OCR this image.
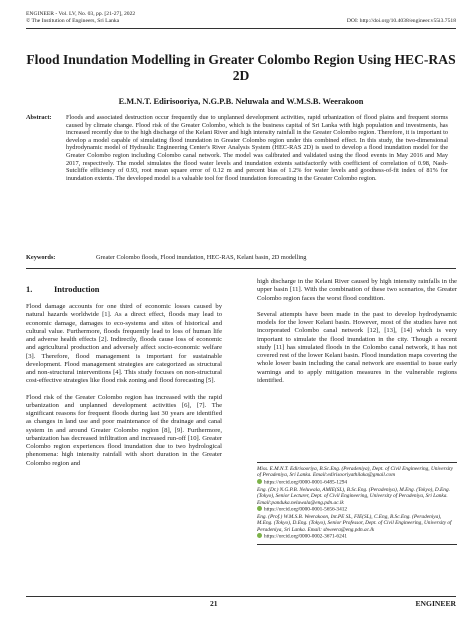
ENGINEER - Vol. LV, No. 03, pp. [21-27], 2022
© The Institution of Engineers, Sri Lanka	DOI: http://doi.org/10.4038/engineer.v55i3.7518
Flood Inundation Modelling in Greater Colombo Region Using HEC-RAS 2D
E.M.N.T. Edirisooriya, N.G.P.B. Neluwala and W.M.S.B. Weerakoon
Abstract: Floods and associated destruction occur frequently due to unplanned development activities, rapid urbanization of flood plains and frequent storms caused by climate change. Flood risk of the Greater Colombo, which is the business capital of Sri Lanka with high population and investments, has increased recently due to the high discharge of the Kelani River and high intensity rainfall in the Greater Colombo region. Therefore, it is important to develop a model capable of simulating flood inundation in Greater Colombo region under this combined effect. In this study, the two-dimensional hydrodynamic model of Hydraulic Engineering Center's River Analysis System (HEC-RAS 2D) is used to develop a flood inundation model for the Greater Colombo region including Colombo canal network. The model was calibrated and validated using the flood events in May 2016 and May 2017, respectively. The model simulates the flood water levels and inundation extents satisfactorily with coefficient of correlation of 0.98, Nash-Sutcliffe efficiency of 0.93, root mean square error of 0.12 m and percent bias of 1.2% for water levels and goodness-of-fit index of 81% for inundation extents. The developed model is a valuable tool for flood inundation forecasting in the Greater Colombo region.
Keywords:	Greater Colombo floods, Flood inundation, HEC-RAS, Kelani basin, 2D modelling
1.	Introduction

Flood damage accounts for one third of economic losses caused by natural hazards worldwide [1]. As a direct effect, floods may lead to economic damage, damages to eco-systems and sites of historical and cultural value. Furthermore, floods frequently lead to loss of human life and adverse health effects [2]. Indirectly, floods cause loss of economic and agricultural production and adversely affect socio-economic welfare [3]. Therefore, flood management is important for sustainable development. Flood management strategies are categorized as structural and non-structural interventions [4]. This study focuses on non-structural cost-effective strategies like flood risk zoning and flood forecasting [5].

Flood risk of the Greater Colombo region has increased with the rapid urbanization and unplanned development activities [6], [7]. The significant reasons for frequent floods during last 30 years are identified as changes in land use and poor maintenance of the drainage and canal system in and around Greater Colombo region [8], [9]. Furthermore, urbanization has decreased infiltration and increased run-off [10]. Greater Colombo region experiences flood inundation due to two hydrological phenomena: high intensity rainfall with short duration in the Greater Colombo region and

high discharge in the Kelani River caused by high intensity rainfalls in the upper basin [11]. With the combination of these two scenarios, the Greater Colombo region faces the worst flood condition.

Several attempts have been made in the past to develop hydrodynamic models for the lower Kelani basin. However, most of the studies have not incorporated Colombo canal network [12], [13], [14] which is very important to simulate the flood inundation in the city. Though a recent study [11] has simulated floods in the Colombo canal network, it has not covered rest of the lower Kelani basin. Flood inundation maps covering the whole lower basin including the canal network are essential to issue early warnings and to apply mitigation measures in the vulnerable regions identified.

Miss. E.M.N.T. Edirisooriya, B.Sc.Eng. (Peradeniya), Dept. of Civil Engineering, University of Peradeniya, Sri Lanka. Email:edirisooriyathilaka@gmail.com
https://orcid.org/0000-0001-6485-1294
Eng. (Dr.) N.G.P.B. Neluwala, AMIE(SL), B.Sc.Eng. (Peradeniya), M.Eng. (Tokyo), D.Eng. (Tokyo), Senior Lecturer, Dept. of Civil Engineering, University of Peradeniya, Sri Lanka. Email:panduka.neluwala@eng.pdn.ac.lk
https://orcid.org/0000-0001-5656-3412
Eng. (Prof.) W.M.S.B. Weerakoon, Int.PE SL, FIE(SL), C.Eng, B.Sc.Eng. (Peradeniya), M.Eng. (Tokyo), D.Eng. (Tokyo), Senior Professor, Dept. of Civil Engineering, University of Peradeniya, Sri Lanka. Email: sbweera@eng.pdn.ac.lk
https://orcid.org/0000-0002-3671-6241
21	ENGINEER
